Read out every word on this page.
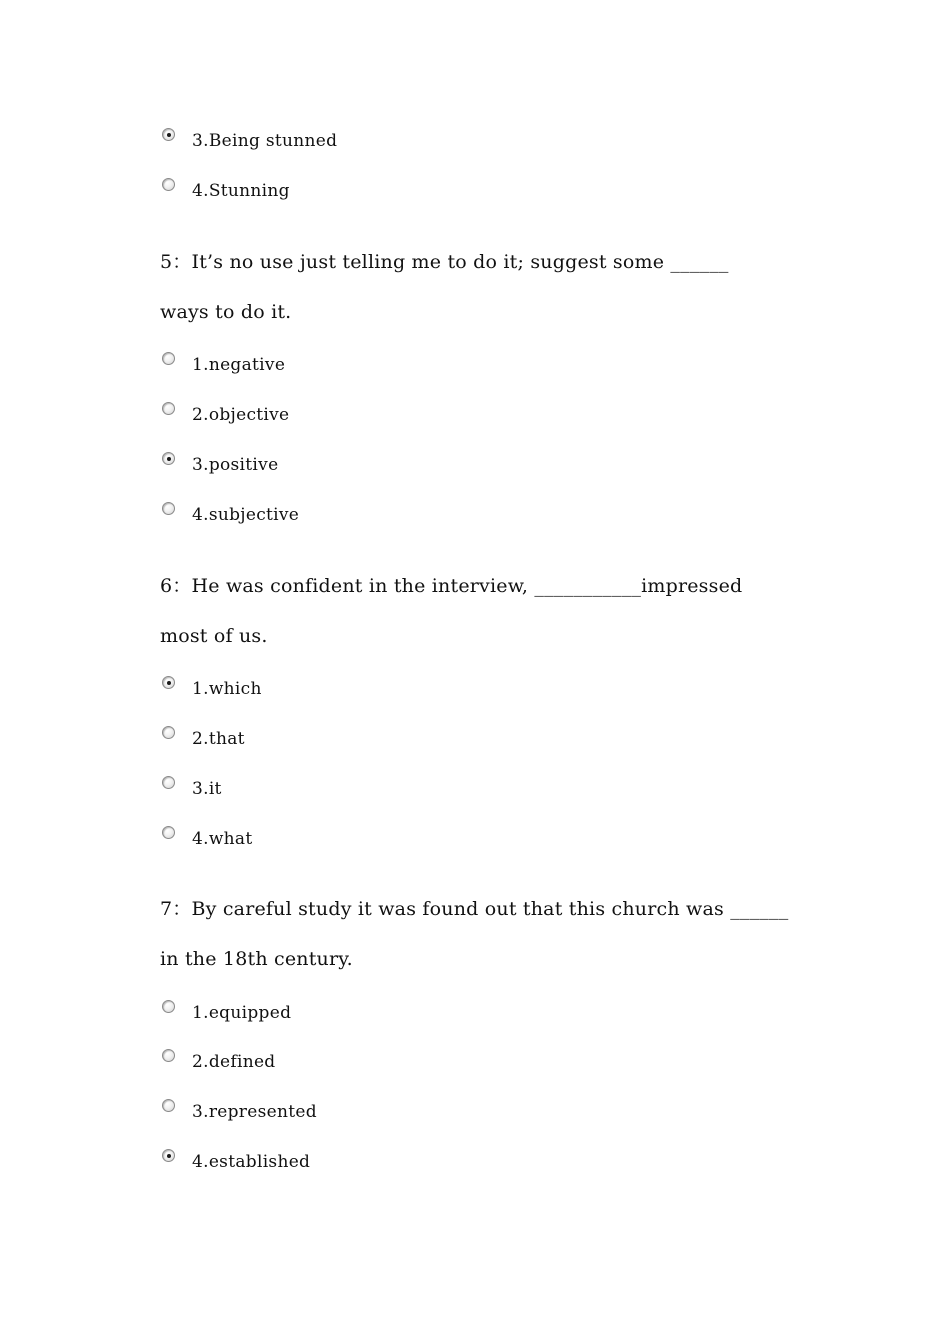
3.Being stunned
4.Stunning
5：It’s no use just telling me to do it; suggest some ______
ways to do it.
1.negative
2.objective
3.positive
4.subjective
6：He was confident in the interview, ___________impressed
most of us.
1.which
2.that
3.it
4.what
7：By careful study it was found out that this church was ______
in the 18th century.
1.equipped
2.defined
3.represented
4.established
